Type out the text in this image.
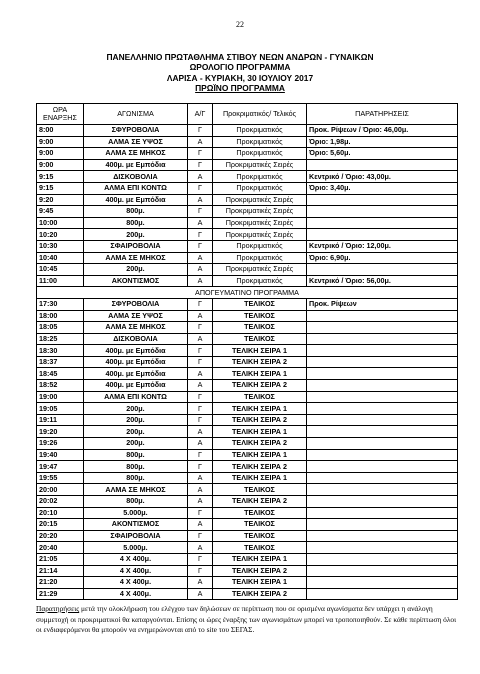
22
ΠΑΝΕΛΛΗΝΙΟ ΠΡΩΤΑΘΛΗΜΑ ΣΤΙΒΟΥ ΝΕΩΝ ΑΝΔΡΩΝ - ΓΥΝΑΙΚΩΝ
ΩΡΟΛΟΓΙΟ ΠΡΟΓΡΑΜΜΑ
ΛΑΡΙΣΑ - ΚΥΡΙΑΚΗ, 30 ΙΟΥΛΙΟΥ 2017
ΠΡΩΪΝΟ ΠΡΟΓΡΑΜΜΑ
ΩΡΑ ΕΝΑΡΞΗΣ	ΑΓΩΝΙΣΜΑ	Α/Γ	Προκριματικός/ Τελικός	ΠΑΡΑΤΗΡΗΣΕΙΣ
8:00	ΣΦΥΡΟΒΟΛΙΑ	Γ	Προκριματικός	Προκ. Ρίψεων / Όριο: 46,00μ.
9:00	ΑΛΜΑ ΣΕ ΥΨΟΣ	Α	Προκριματικός	Όριο: 1,98μ.
9:00	ΑΛΜΑ ΣΕ ΜΗΚΟΣ	Γ	Προκριματικός	Όριο: 5,60μ.
9:00	400μ. με Εμπόδια	Γ	Προκριματικές Σειρές	
9:15	ΔΙΣΚΟΒΟΛΙΑ	Α	Προκριματικός	Κεντρικό / Όριο: 43,00μ.
9:15	ΑΛΜΑ ΕΠΙ ΚΟΝΤΩ	Γ	Προκριματικός	Όριο: 3,40μ.
9:20	400μ. με Εμπόδια	Α	Προκριματικές Σειρές	
9:45	800μ.	Γ	Προκριματικές Σειρές	
10:00	800μ.	Α	Προκριματικές Σειρές	
10:20	200μ.	Γ	Προκριματικές Σειρές	
10:30	ΣΦΑΙΡΟΒΟΛΙΑ	Γ	Προκριματικός	Κεντρικό / Όριο: 12,00μ.
10:40	ΑΛΜΑ ΣΕ ΜΗΚΟΣ	Α	Προκριματικός	Όριο: 6,90μ.
10:45	200μ.	Α	Προκριματικές Σειρές	
11:00	ΑΚΟΝΤΙΣΜΟΣ	Α	Προκριματικός	Κεντρικό / Όριο: 56,00μ.
ΑΠΟΓΕΥΜΑΤΙΝΟ ΠΡΟΓΡΑΜΜΑ				
17:30	ΣΦΥΡΟΒΟΛΙΑ	Γ	ΤΕΛΙΚΟΣ	Προκ. Ρίψεων
18:00	ΑΛΜΑ ΣΕ ΥΨΟΣ	Α	ΤΕΛΙΚΟΣ	
18:05	ΑΛΜΑ ΣΕ ΜΗΚΟΣ	Γ	ΤΕΛΙΚΟΣ	
18:25	ΔΙΣΚΟΒΟΛΙΑ	Α	ΤΕΛΙΚΟΣ	
18:30	400μ. με Εμπόδια	Γ	ΤΕΛΙΚΗ ΣΕΙΡΑ 1	
18:37	400μ. με Εμπόδια	Γ	ΤΕΛΙΚΗ ΣΕΙΡΑ 2	
18:45	400μ. με Εμπόδια	Α	ΤΕΛΙΚΗ ΣΕΙΡΑ 1	
18:52	400μ. με Εμπόδια	Α	ΤΕΛΙΚΗ ΣΕΙΡΑ 2	
19:00	ΑΛΜΑ ΕΠΙ ΚΟΝΤΩ	Γ	ΤΕΛΙΚΟΣ	
19:05	200μ.	Γ	ΤΕΛΙΚΗ ΣΕΙΡΑ 1	
19:11	200μ.	Γ	ΤΕΛΙΚΗ ΣΕΙΡΑ 2	
19:20	200μ.	Α	ΤΕΛΙΚΗ ΣΕΙΡΑ 1	
19:26	200μ.	Α	ΤΕΛΙΚΗ ΣΕΙΡΑ 2	
19:40	800μ.	Γ	ΤΕΛΙΚΗ ΣΕΙΡΑ 1	
19:47	800μ.	Γ	ΤΕΛΙΚΗ ΣΕΙΡΑ 2	
19:55	800μ.	Α	ΤΕΛΙΚΗ ΣΕΙΡΑ 1	
20:00	ΑΛΜΑ ΣΕ ΜΗΚΟΣ	Α	ΤΕΛΙΚΟΣ	
20:02	800μ.	Α	ΤΕΛΙΚΗ ΣΕΙΡΑ 2	
20:10	5.000μ.	Γ	ΤΕΛΙΚΟΣ	
20:15	ΑΚΟΝΤΙΣΜΟΣ	Α	ΤΕΛΙΚΟΣ	
20:20	ΣΦΑΙΡΟΒΟΛΙΑ	Γ	ΤΕΛΙΚΟΣ	
20:40	5.000μ.	Α	ΤΕΛΙΚΟΣ	
21:05	4 Χ 400μ.	Γ	ΤΕΛΙΚΗ ΣΕΙΡΑ 1	
21:14	4 Χ 400μ.	Γ	ΤΕΛΙΚΗ ΣΕΙΡΑ 2	
21:20	4 Χ 400μ.	Α	ΤΕΛΙΚΗ ΣΕΙΡΑ 1	
21:29	4 Χ 400μ.	Α	ΤΕΛΙΚΗ ΣΕΙΡΑ 2	
Παρατηρήσεις μετά την ολοκλήρωση του ελέγχου των δηλώσεων σε περίπτωση που σε ορισμένα αγωνίσματα δεν υπάρχει η ανάλογη συμμετοχή οι προκριματικοί θα καταργούνται. Επίσης οι ώρες έναρξης των αγωνισμάτων μπορεί να τροποποιηθούν. Σε κάθε περίπτωση όλοι οι ενδιαφερόμενοι θα μπορούν να ενημερώνονται από το site του ΣΕΓΑΣ.
